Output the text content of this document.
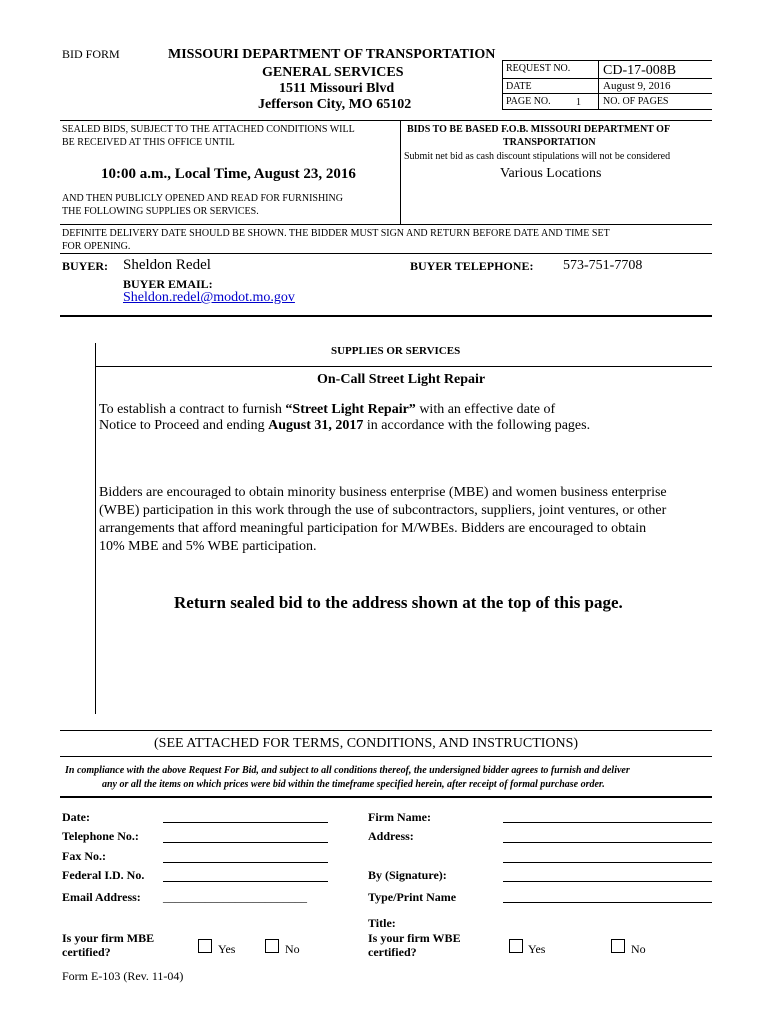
BID FORM	MISSOURI DEPARTMENT OF TRANSPORTATION
GENERAL SERVICES
1511 Missouri Blvd
Jefferson City, MO 65102
REQUEST NO. CD-17-008B
DATE	August 9, 2016
PAGE NO.	1 NO. OF PAGES
SEALED BIDS, SUBJECT TO THE ATTACHED CONDITIONS WILL
BE RECEIVED AT THIS OFFICE UNTIL
10:00 a.m., Local Time, August 23, 2016
AND THEN PUBLICLY OPENED AND READ FOR FURNISHING
THE FOLLOWING SUPPLIES OR SERVICES.
BIDS TO BE BASED F.O.B. MISSOURI DEPARTMENT OF
TRANSPORTATION
Submit net bid as cash discount stipulations will not be considered
Various Locations
DEFINITE DELIVERY DATE SHOULD BE SHOWN. THE BIDDER MUST SIGN AND RETURN BEFORE DATE AND TIME SET
FOR OPENING.
BUYER: Sheldon Redel
BUYER EMAIL:
Sheldon.redel@modot.mo.gov
BUYER TELEPHONE: 573-751-7708
SUPPLIES OR SERVICES
On-Call Street Light Repair
To establish a contract to furnish “Street Light Repair” with an effective date of
Notice to Proceed and ending August 31, 2017 in accordance with the following pages.
Bidders are encouraged to obtain minority business enterprise (MBE) and women business enterprise
(WBE) participation in this work through the use of subcontractors, suppliers, joint ventures, or other
arrangements that afford meaningful participation for M/WBEs. Bidders are encouraged to obtain
10% MBE and 5% WBE participation.
Return sealed bid to the address shown at the top of this page.
(SEE ATTACHED FOR TERMS, CONDITIONS, AND INSTRUCTIONS)
In compliance with the above Request For Bid, and subject to all conditions thereof, the undersigned bidder agrees to furnish and deliver
any or all the items on which prices were bid within the timeframe specified herein, after receipt of formal purchase order.
Date:
Telephone No.:
Fax No.:
Federal I.D. No.
Email Address: ________________________
Firm Name:
Address:
By (Signature):
Type/Print Name
Title:
Is your firm MBE
certified?	Yes	No
Is your firm WBE
certified?	Yes	No
Form E-103 (Rev. 11-04)
